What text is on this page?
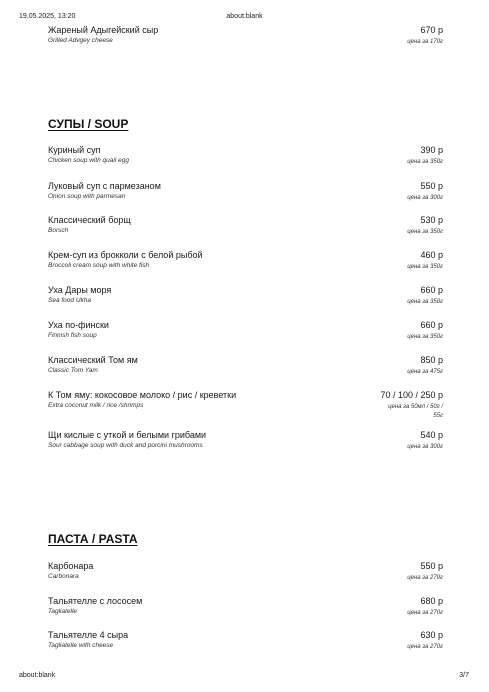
19.05.2025, 13:20	about:blank
Жареный Адыгейский сыр
Grilled Advgey cheese
670 р
цена за 170г
СУПЫ / SOUP
Куриный суп
Chicken soup with quail egg
390 р
цена за 350г
Луковый суп с пармезаном
Onion soup with parmesan
550 р
цена за 300г
Классический борщ
Borsch
530 р
цена за 350г
Крем-суп из брокколи с белой рыбой
Broccoli cream soup with white fish
460 р
цена за 350г
Уха Дары моря
Sea food Ukha
660 р
цена за 350г
Уха по-фински
Finnish fish soup
660 р
цена за 350г
Классический Том ям
Classic Tom Yam
850 р
цена за 475г
К Том яму: кокосовое молоко / рис / креветки
Extra coconut milk / rice /shrimps
70 / 100 / 250 р
цена за 50мл / 50г /
55г
Щи кислые с уткой и белыми грибами
Sour cabbage soup with duck and porcini mushrooms
540 р
цена за 300г
ПАСТА / PASTA
Карбонара
Carbonara
550 р
цена за 270г
Тальятелле с лососем
Tagliatelle
680 р
цена за 270г
Тальятелле 4 сыра
Tagliatelle with cheese
630 р
цена за 270г
about:blank	3/7
